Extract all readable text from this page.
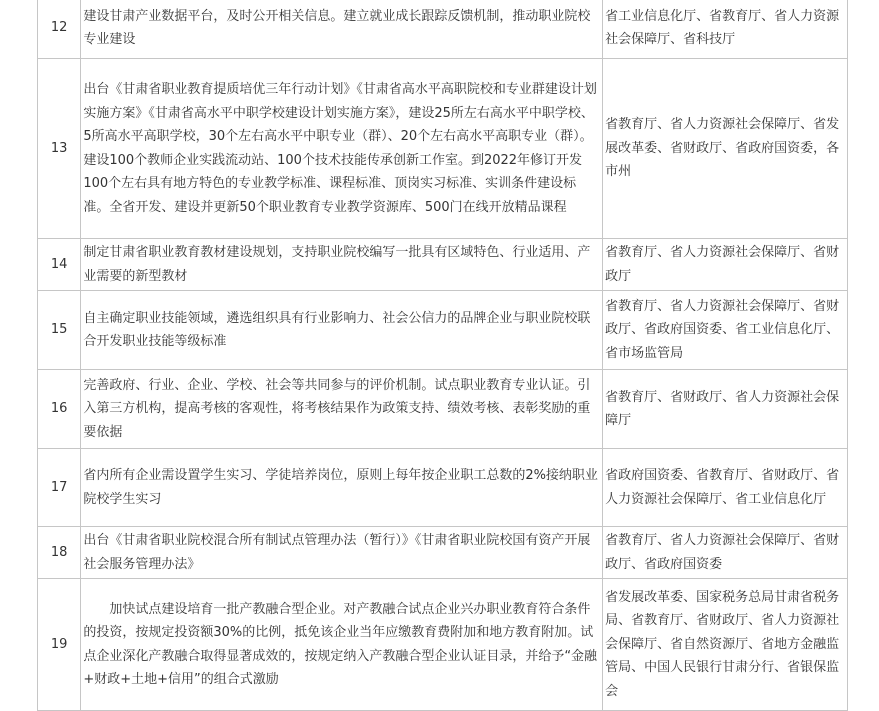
12	建设甘肃产业数据平台，及时公开相关信息。建立就业成长跟踪反馈机制，推动职业院校专业建设	省工业信息化厅、省教育厅、省人力资源社会保障厅、省科技厅
13	出台《甘肃省职业教育提质培优三年行动计划》《甘肃省高水平高职院校和专业群建设计划实施方案》《甘肃省高水平中职学校建设计划实施方案》，建设25所左右高水平中职学校、5所高水平高职学校，30个左右高水平中职专业（群）、20个左右高水平高职专业（群）。建设100个教师企业实践流动站、100个技术技能传承创新工作室。到2022年修订开发100个左右具有地方特色的专业教学标准、课程标准、顶岗实习标准、实训条件建设标准。全省开发、建设并更新50个职业教育专业教学资源库、500门在线开放精品课程	省教育厅、省人力资源社会保障厅、省发展改革委、省财政厅、省政府国资委，各市州
14	制定甘肃省职业教育教材建设规划，支持职业院校编写一批具有区域特色、行业适用、产业需要的新型教材	省教育厅、省人力资源社会保障厅、省财政厅
15	自主确定职业技能领域，遴选组织具有行业影响力、社会公信力的品牌企业与职业院校联合开发职业技能等级标准	省教育厅、省人力资源社会保障厅、省财政厅、省政府国资委、省工业信息化厅、省市场监管局
16	完善政府、行业、企业、学校、社会等共同参与的评价机制。试点职业教育专业认证。引入第三方机构，提高考核的客观性，将考核结果作为政策支持、绩效考核、表彰奖励的重要依据	省教育厅、省财政厅、省人力资源社会保障厅
17	省内所有企业需设置学生实习、学徒培养岗位，原则上每年按企业职工总数的2%接纳职业院校学生实习	省政府国资委、省教育厅、省财政厅、省人力资源社会保障厅、省工业信息化厅
18	出台《甘肃省职业院校混合所有制试点管理办法（暂行）》《甘肃省职业院校国有资产开展社会服务管理办法》	省教育厅、省人力资源社会保障厅、省财政厅、省政府国资委
19	加快试点建设培育一批产教融合型企业。对产教融合试点企业兴办职业教育符合条件的投资，按规定投资额30%的比例，抵免该企业当年应缴教育费附加和地方教育附加。试点企业深化产教融合取得显著成效的，按规定纳入产教融合型企业认证目录，并给予“金融+财政+土地+信用”的组合式激励	省发展改革委、国家税务总局甘肃省税务局、省教育厅、省财政厅、省人力资源社会保障厅、省自然资源厅、省地方金融监管局、中国人民银行甘肃分行、省银保监会
